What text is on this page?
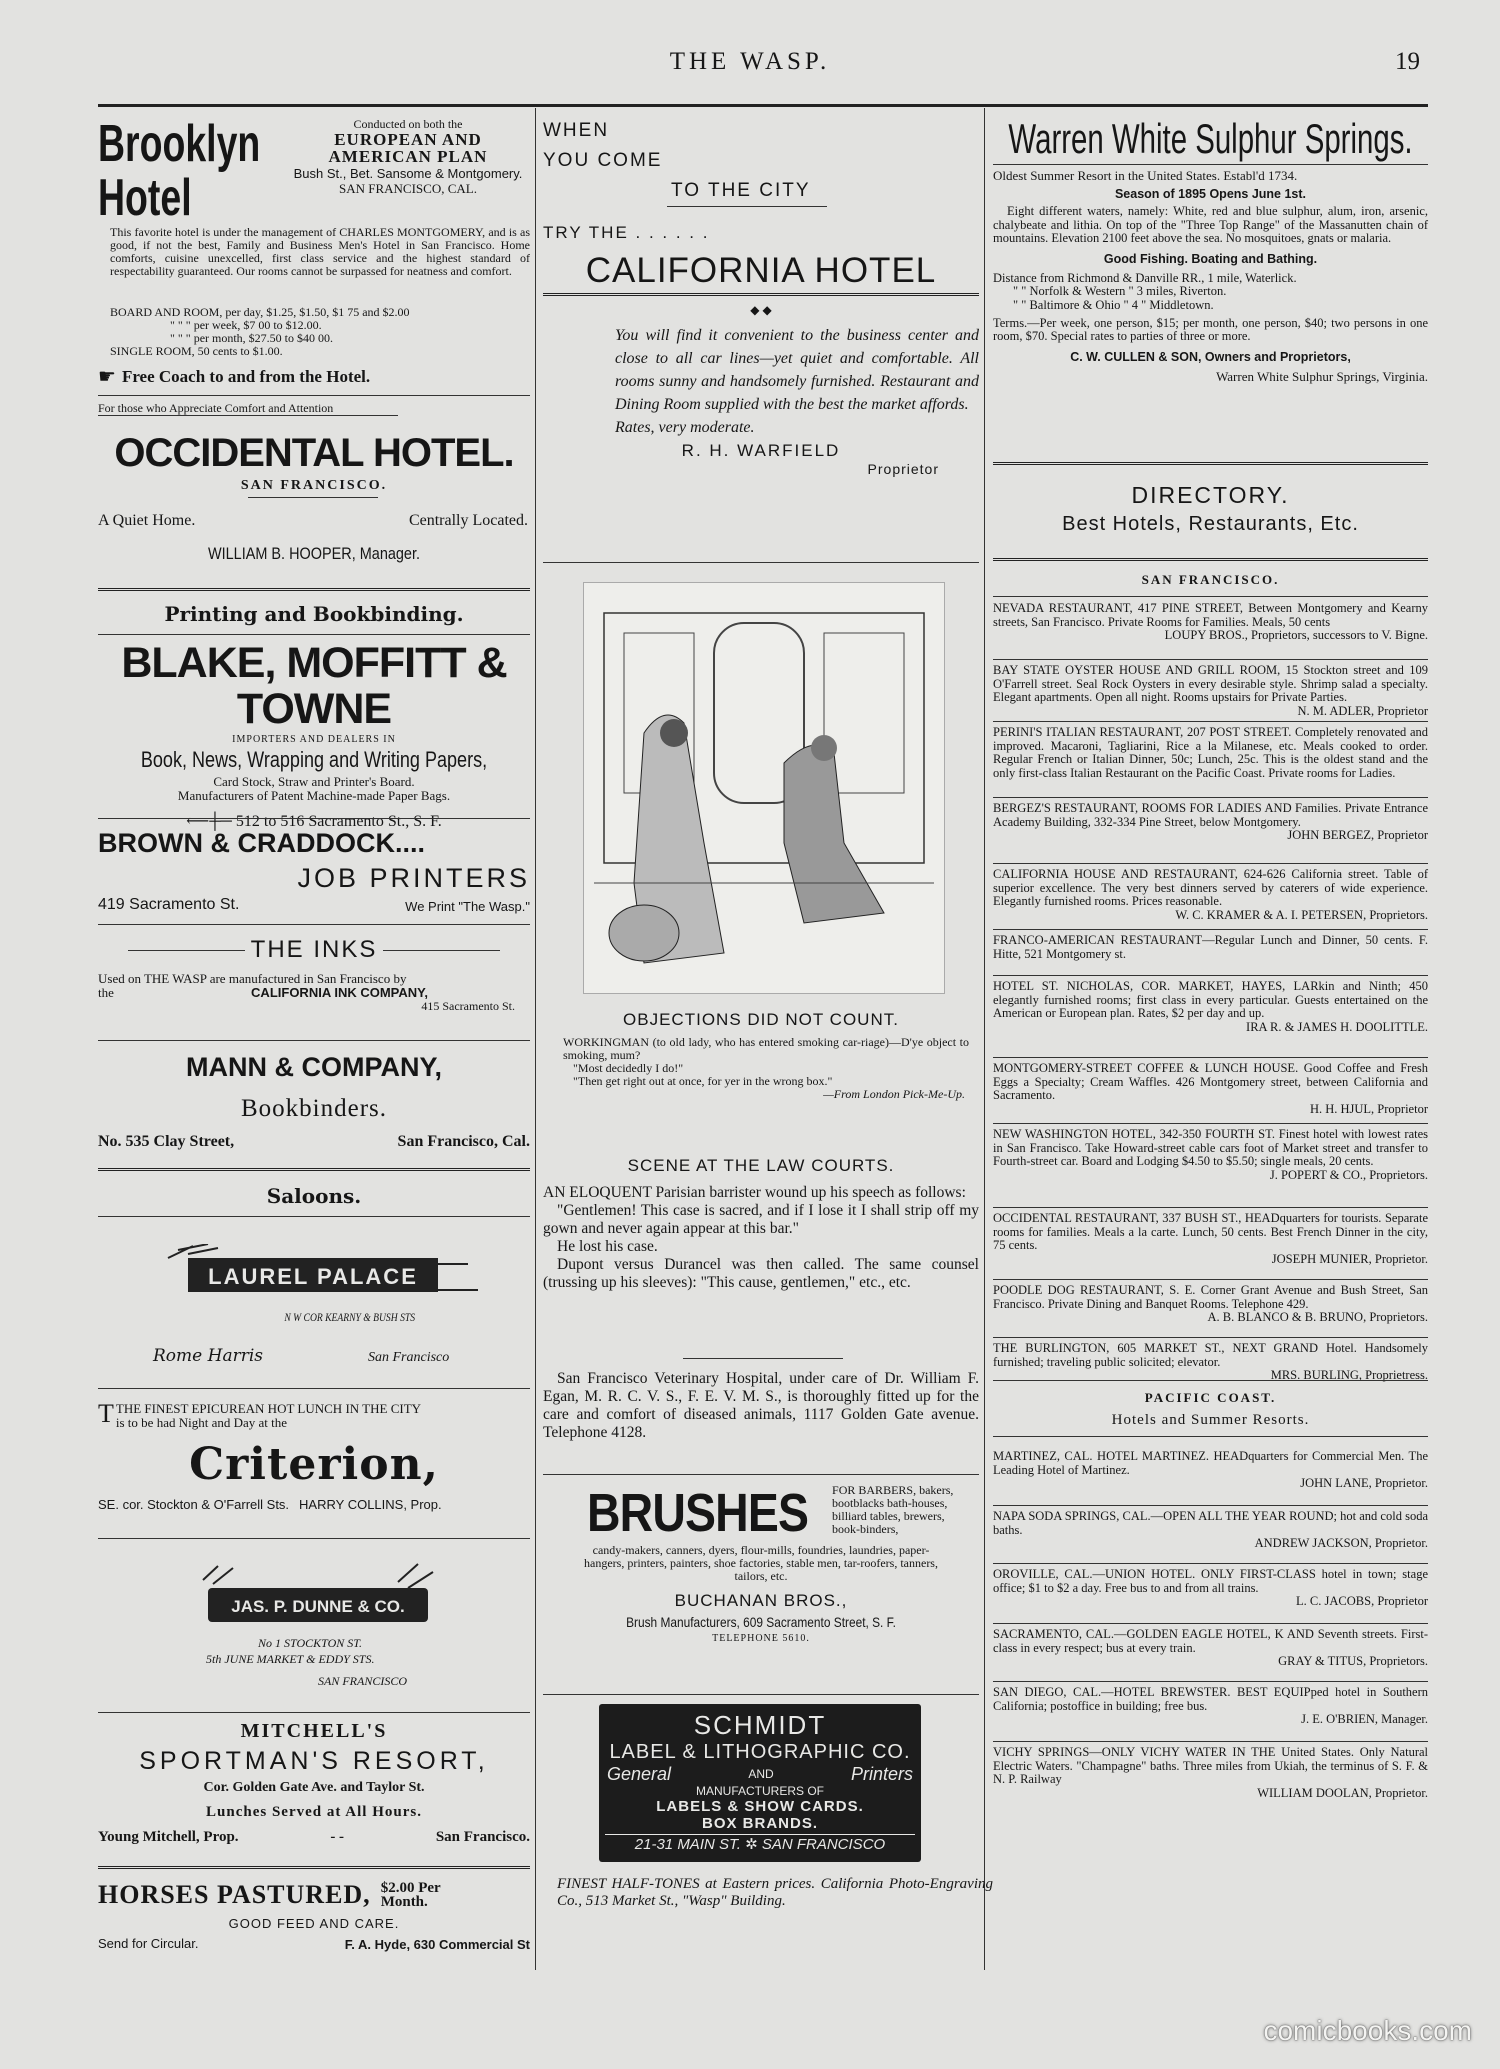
THE WASP.	19
Brooklyn
Hotel
Conducted on both the
EUROPEAN AND
AMERICAN PLAN
Bush St., Bet. Sansome & Montgomery.
SAN FRANCISCO, CAL.
This favorite hotel is under the management of CHARLES MONTGOMERY, and is as good, if not the best, Family and Business Men's Hotel in San Francisco. Home comforts, cuisine unexcelled, first class service and the highest standard of respectability guaranteed. Our rooms cannot be surpassed for neatness and comfort.
BOARD AND ROOM, per day, $1.25, $1.50, $1 75 and $2.00
" " " per week, $7 00 to $12.00.
" " " per month, $27.50 to $40 00.
SINGLE ROOM, 50 cents to $1.00.
☛ Free Coach to and from the Hotel.
For those who Appreciate Comfort and Attention
OCCIDENTAL HOTEL.
SAN FRANCISCO.
A Quiet Home.	Centrally Located.
WILLIAM B. HOOPER, Manager.
Printing and Bookbinding.
BLAKE, MOFFITT & TOWNE
IMPORTERS AND DEALERS IN
Book, News, Wrapping and Writing Papers,
Card Stock, Straw and Printer's Board.
Manufacturers of Patent Machine-made Paper Bags.
⟵┼─ 512 to 516 Sacramento St., S. F.
BROWN & CRADDOCK....
JOB PRINTERS
419 Sacramento St.	We Print "The Wasp."
THE INKS
Used on THE WASP are manufactured in San Francisco by
the	CALIFORNIA INK COMPANY,
415 Sacramento St.
MANN & COMPANY,
Bookbinders.
No. 535 Clay Street,	San Francisco, Cal.
Saloons.
LAUREL PALACE
N W COR KEARNY & BUSH STS
Rome Harris	San Francisco
T THE FINEST EPICUREAN HOT LUNCH IN THE CITY
is to be had Night and Day at the
Criterion,
SE. cor. Stockton & O'Farrell Sts. HARRY COLLINS, Prop.
JAS. P. DUNNE & CO.
No 1 STOCKTON ST.
5th JUNE MARKET & EDDY STS.
SAN FRANCISCO
MITCHELL'S
SPORTMAN'S RESORT,
Cor. Golden Gate Ave. and Taylor St.
Lunches Served at All Hours.
Young Mitchell, Prop.	- -	San Francisco.
HORSES PASTURED, $2.00 Per
Month.
GOOD FEED AND CARE.
Send for Circular.	F. A. Hyde, 630 Commercial St
WHEN
YOU COME
TO THE CITY
TRY THE . . . . . .
CALIFORNIA HOTEL
◆ ◆
You will find it convenient to the business center and close to all car lines—yet quiet and comfortable. All rooms sunny and handsomely furnished. Restaurant and Dining Room supplied with the best the market affords.
Rates, very moderate.
R. H. WARFIELD
Proprietor
OBJECTIONS DID NOT COUNT.
WORKINGMAN (to old lady, who has entered smoking car-riage)—D'ye object to smoking, mum?
"Most decidedly I do!"
"Then get right out at once, for yer in the wrong box."
—From London Pick-Me-Up.
SCENE AT THE LAW COURTS.
AN ELOQUENT Parisian barrister wound up his speech as follows:
"Gentlemen! This case is sacred, and if I lose it I shall strip off my gown and never again appear at this bar."
He lost his case.
Dupont versus Durancel was then called. The same counsel (trussing up his sleeves): "This cause, gentlemen," etc., etc.
San Francisco Veterinary Hospital, under care of Dr. William F. Egan, M. R. C. V. S., F. E. V. M. S., is thoroughly fitted up for the care and comfort of diseased animals, 1117 Golden Gate avenue. Telephone 4128.
BRUSHES FOR BARBERS, bakers, bootblacks bath-houses, billiard tables, brewers, book-binders,
candy-makers, canners, dyers, flour-mills, foundries, laundries, paper-hangers, printers, painters, shoe factories, stable men, tar-roofers, tanners, tailors, etc.
BUCHANAN BROS.,
Brush Manufacturers, 609 Sacramento Street, S. F.
TELEPHONE 5610.
SCHMIDT
LABEL & LITHOGRAPHIC CO.
General	AND	Printers
MANUFACTURERS OF
LABELS & SHOW CARDS.
BOX BRANDS.
21-31 MAIN ST. ✲ SAN FRANCISCO
FINEST HALF-TONES at Eastern prices. California Photo-Engraving Co., 513 Market St., "Wasp" Building.
Warren White Sulphur Springs.
Oldest Summer Resort in the United States. Establ'd 1734.
Season of 1895 Opens June 1st.
Eight different waters, namely: White, red and blue sulphur, alum, iron, arsenic, chalybeate and lithia. On top of the "Three Top Range" of the Massanutten chain of mountains. Elevation 2100 feet above the sea. No mosquitoes, gnats or malaria.
Good Fishing. Boating and Bathing.
Distance from Richmond & Danville RR., 1 mile, Waterlick.
" " Norfolk & Western " 3 miles, Riverton.
" " Baltimore & Ohio " 4 " Middletown.
Terms.—Per week, one person, $15; per month, one person, $40; two persons in one room, $70. Special rates to parties of three or more.
C. W. CULLEN & SON, Owners and Proprietors,
Warren White Sulphur Springs, Virginia.
DIRECTORY.
Best Hotels, Restaurants, Etc.
SAN FRANCISCO.
NEVADA RESTAURANT, 417 PINE STREET, Between Montgomery and Kearny streets, San Francisco. Private Rooms for Families. Meals, 50 cents
LOUPY BROS., Proprietors, successors to V. Bigne.
BAY STATE OYSTER HOUSE AND GRILL ROOM, 15 Stockton street and 109 O'Farrell street. Seal Rock Oysters in every desirable style. Shrimp salad a specialty. Elegant apartments. Open all night. Rooms upstairs for Private Parties.
N. M. ADLER, Proprietor
PERINI'S ITALIAN RESTAURANT, 207 POST STREET. Completely renovated and improved. Macaroni, Tagliarini, Rice a la Milanese, etc. Meals cooked to order. Regular French or Italian Dinner, 50c; Lunch, 25c. This is the oldest stand and the only first-class Italian Restaurant on the Pacific Coast. Private rooms for Ladies.
BERGEZ'S RESTAURANT, ROOMS FOR LADIES AND Families. Private Entrance Academy Building, 332-334 Pine Street, below Montgomery.
JOHN BERGEZ, Proprietor
CALIFORNIA HOUSE AND RESTAURANT, 624-626 California street. Table of superior excellence. The very best dinners served by caterers of wide experience. Elegantly furnished rooms. Prices reasonable.
W. C. KRAMER & A. I. PETERSEN, Proprietors.
FRANCO-AMERICAN RESTAURANT—Regular Lunch and Dinner, 50 cents. F. Hitte, 521 Montgomery st.
HOTEL ST. NICHOLAS, COR. MARKET, HAYES, LARkin and Ninth; 450 elegantly furnished rooms; first class in every particular. Guests entertained on the American or European plan. Rates, $2 per day and up.
IRA R. & JAMES H. DOOLITTLE.
MONTGOMERY-STREET COFFEE & LUNCH HOUSE. Good Coffee and Fresh Eggs a Specialty; Cream Waffles. 426 Montgomery street, between California and Sacramento.
H. H. HJUL, Proprietor
NEW WASHINGTON HOTEL, 342-350 FOURTH ST. Finest hotel with lowest rates in San Francisco. Take Howard-street cable cars foot of Market street and transfer to Fourth-street car. Board and Lodging $4.50 to $5.50; single meals, 20 cents.
J. POPERT & CO., Proprietors.
OCCIDENTAL RESTAURANT, 337 BUSH ST., HEADquarters for tourists. Separate rooms for families. Meals a la carte. Lunch, 50 cents. Best French Dinner in the city, 75 cents.
JOSEPH MUNIER, Proprietor.
POODLE DOG RESTAURANT, S. E. Corner Grant Avenue and Bush Street, San Francisco. Private Dining and Banquet Rooms. Telephone 429.
A. B. BLANCO & B. BRUNO, Proprietors.
THE BURLINGTON, 605 MARKET ST., NEXT GRAND Hotel. Handsomely furnished; traveling public solicited; elevator.
MRS. BURLING, Proprietress.
PACIFIC COAST.
Hotels and Summer Resorts.
MARTINEZ, CAL. HOTEL MARTINEZ. HEADquarters for Commercial Men. The Leading Hotel of Martinez.
JOHN LANE, Proprietor.
NAPA SODA SPRINGS, CAL.—OPEN ALL THE YEAR ROUND; hot and cold soda baths.
ANDREW JACKSON, Proprietor.
OROVILLE, CAL.—UNION HOTEL. ONLY FIRST-CLASS hotel in town; stage office; $1 to $2 a day. Free bus to and from all trains.
L. C. JACOBS, Proprietor
SACRAMENTO, CAL.—GOLDEN EAGLE HOTEL, K AND Seventh streets. First-class in every respect; bus at every train.
GRAY & TITUS, Proprietors.
SAN DIEGO, CAL.—HOTEL BREWSTER. BEST EQUIPped hotel in Southern California; postoffice in building; free bus.
J. E. O'BRIEN, Manager.
VICHY SPRINGS—ONLY VICHY WATER IN THE United States. Only Natural Electric Waters. "Champagne" baths. Three miles from Ukiah, the terminus of S. F. & N. P. Railway
WILLIAM DOOLAN, Proprietor.
comicbooks.com
